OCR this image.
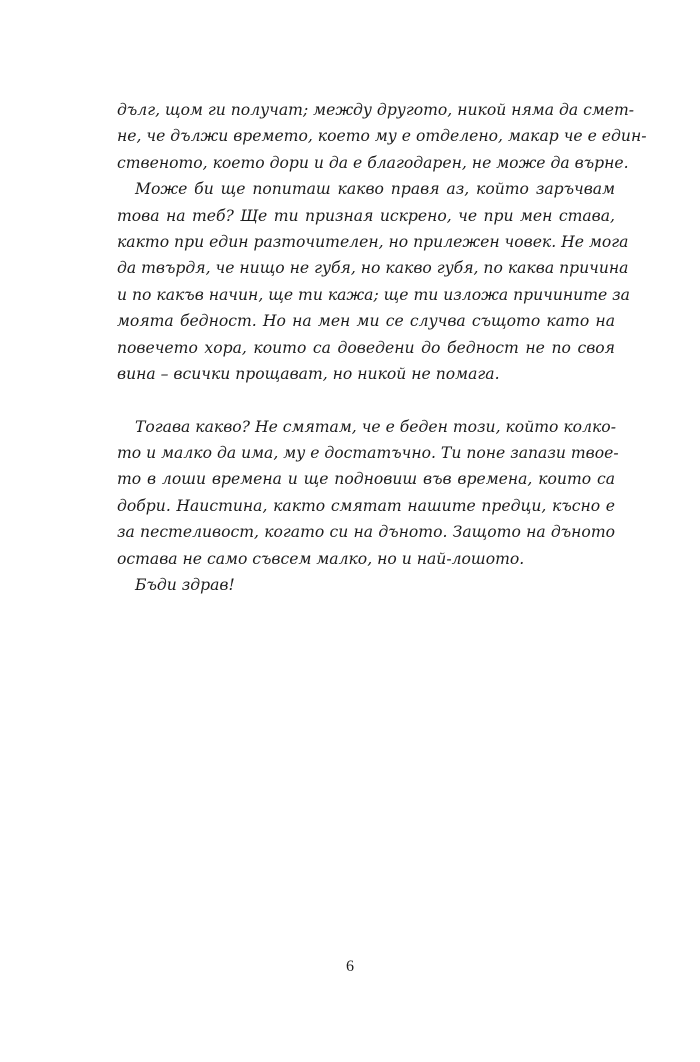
дълг, щом ги получат; между другото, никой няма да смет-
не, че дължи времето, което му е отделено, макар че е един-
ственото, което дори и да е благодарен, не може да върне.
Може би ще попиташ какво правя аз, който заръчвам
това на теб? Ще ти призная искрено, че при мен става,
както при един разточителен, но прилежен човек. Не мога
да твърдя, че нищо не губя, но какво губя, по каква причина
и по какъв начин, ще ти кажа; ще ти изложа причините за
моята бедност. Но на мен ми се случва същото като на
повечето хора, които са доведени до бедност не по своя
вина – всички прощават, но никой не помага.
Тогава какво? Не смятам, че е беден този, който колко-
то и малко да има, му е достатъчно. Ти поне запази твое-
то в лоши времена и ще подновиш във времена, които са
добри. Наистина, както смятат нашите предци, късно е
за пестеливост, когато си на дъното. Защото на дъното
остава не само съвсем малко, но и най-лошото.
Бъди здрав!
6
